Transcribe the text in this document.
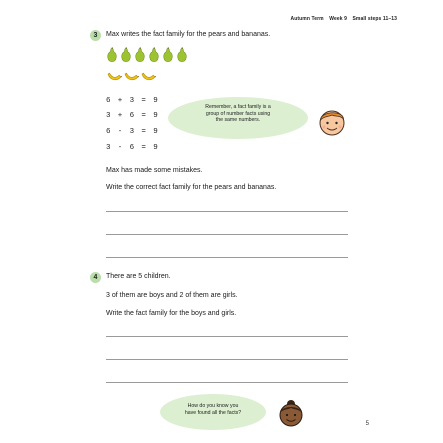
Autumn Term Week 9 Small steps 11–13
3	Max writes the fact family for the pears and bananas.
6 + 3 = 9
3 + 6 = 9
6 - 3 = 9
3 - 6 = 9
Remember, a fact family is a
group of number facts using
the same numbers.
Max has made some mistakes.
Write the correct fact family for the pears and bananas.
4	There are 5 children.
3 of them are boys and 2 of them are girls.
Write the fact family for the boys and girls.
How do you know you
have found all the facts?
5
